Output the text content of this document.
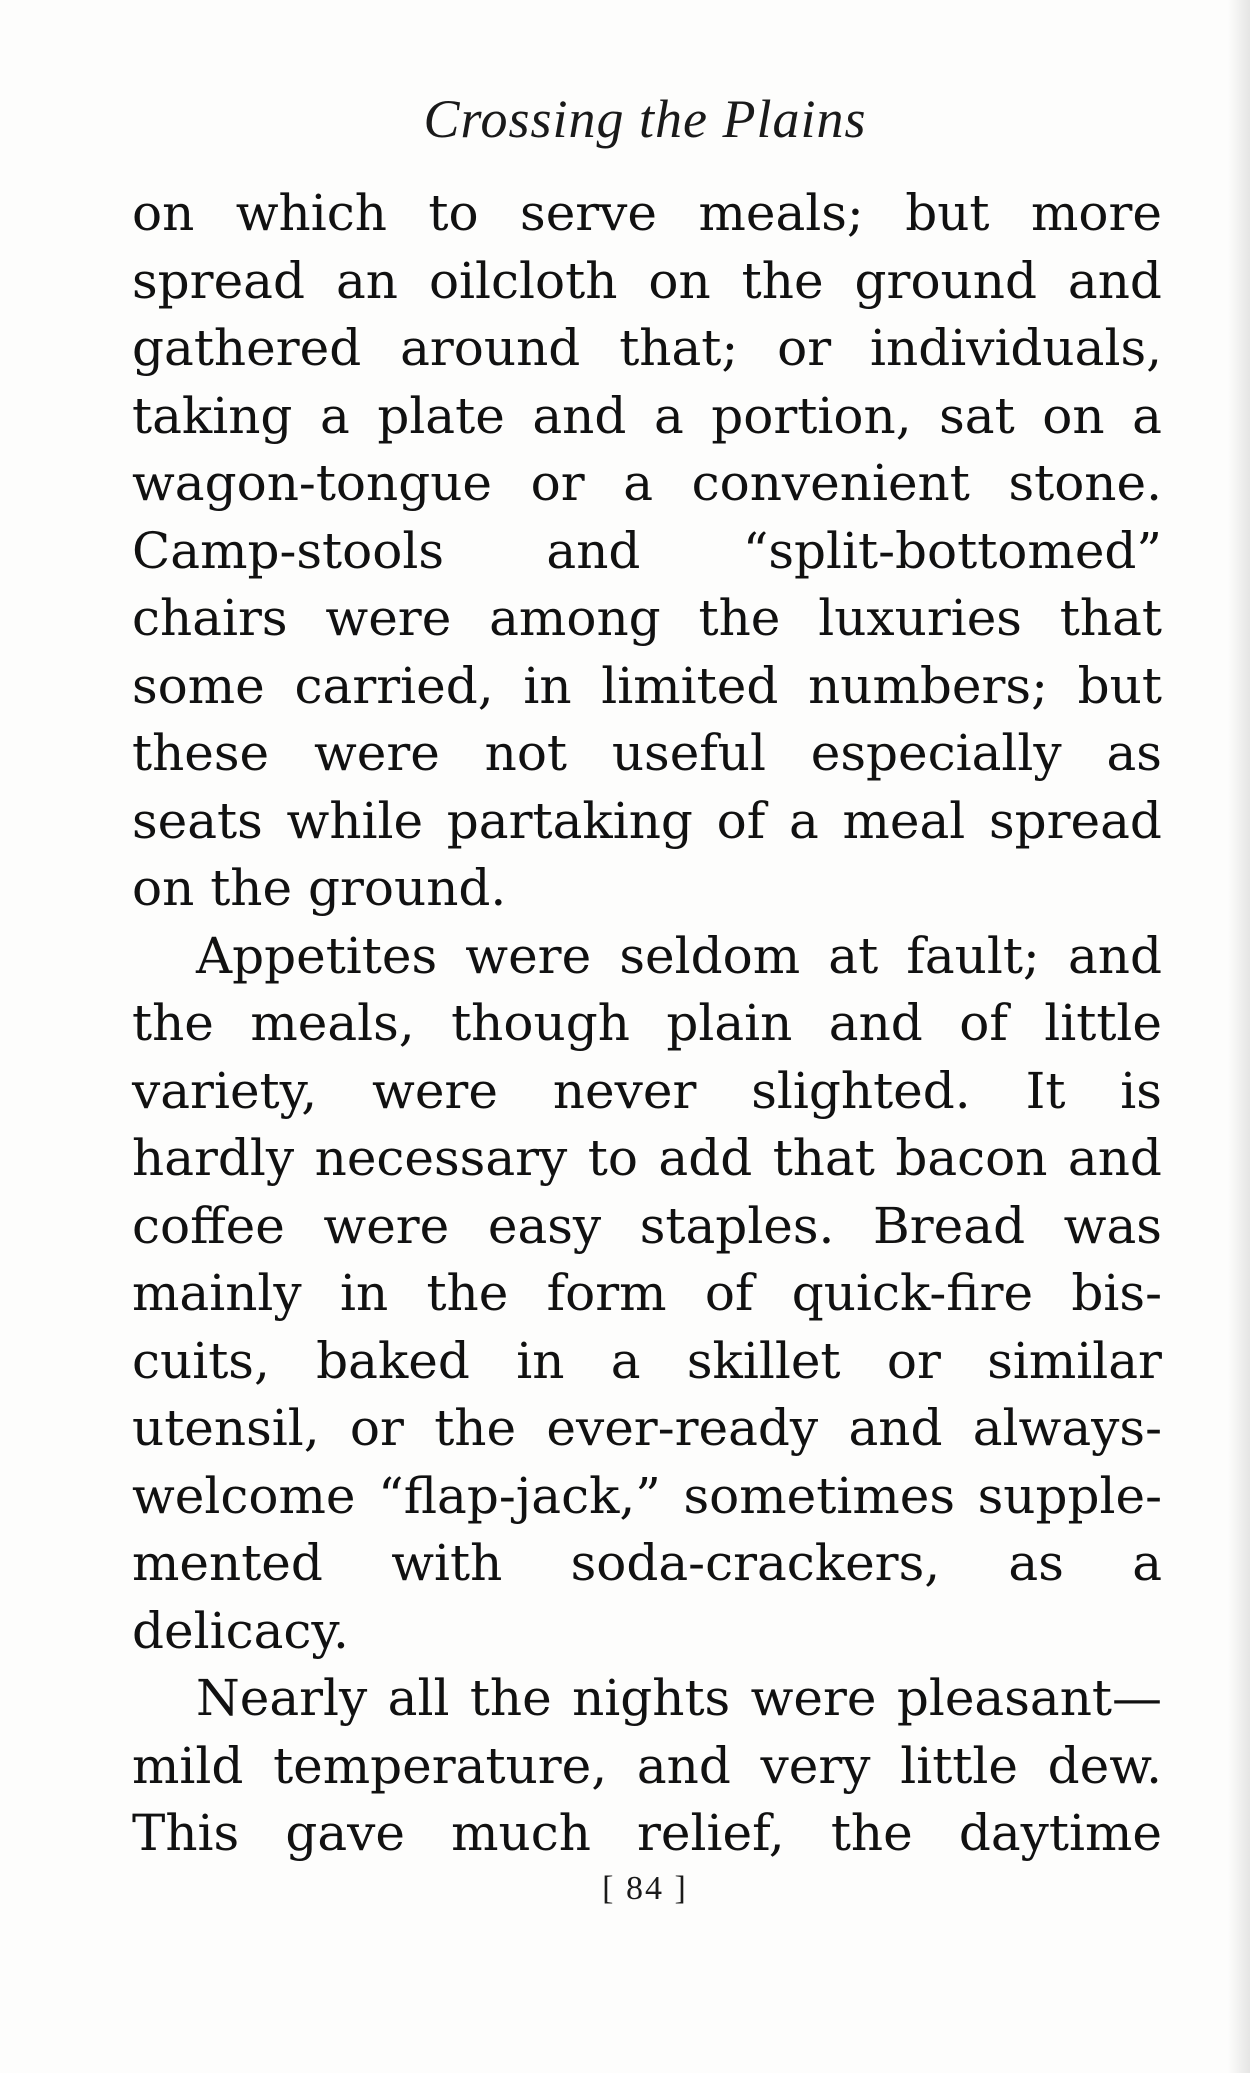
Crossing the Plains
on which to serve meals; but more
spread an oilcloth on the ground and
gathered around that; or individuals,
taking a plate and a portion, sat on a
wagon-tongue or a convenient stone.
Camp-stools and “split-bottomed”
chairs were among the luxuries that
some carried, in limited numbers; but
these were not useful especially as
seats while partaking of a meal spread
on the ground.
Appetites were seldom at fault; and
the meals, though plain and of little
variety, were never slighted. It is
hardly necessary to add that bacon and
coffee were easy staples. Bread was
mainly in the form of quick-fire bis-
cuits, baked in a skillet or similar
utensil, or the ever-ready and always-
welcome “flap-jack,” sometimes supple-
mented with soda-crackers, as a
delicacy.
Nearly all the nights were pleasant—
mild temperature, and very little dew.
This gave much relief, the daytime
[ 84 ]
